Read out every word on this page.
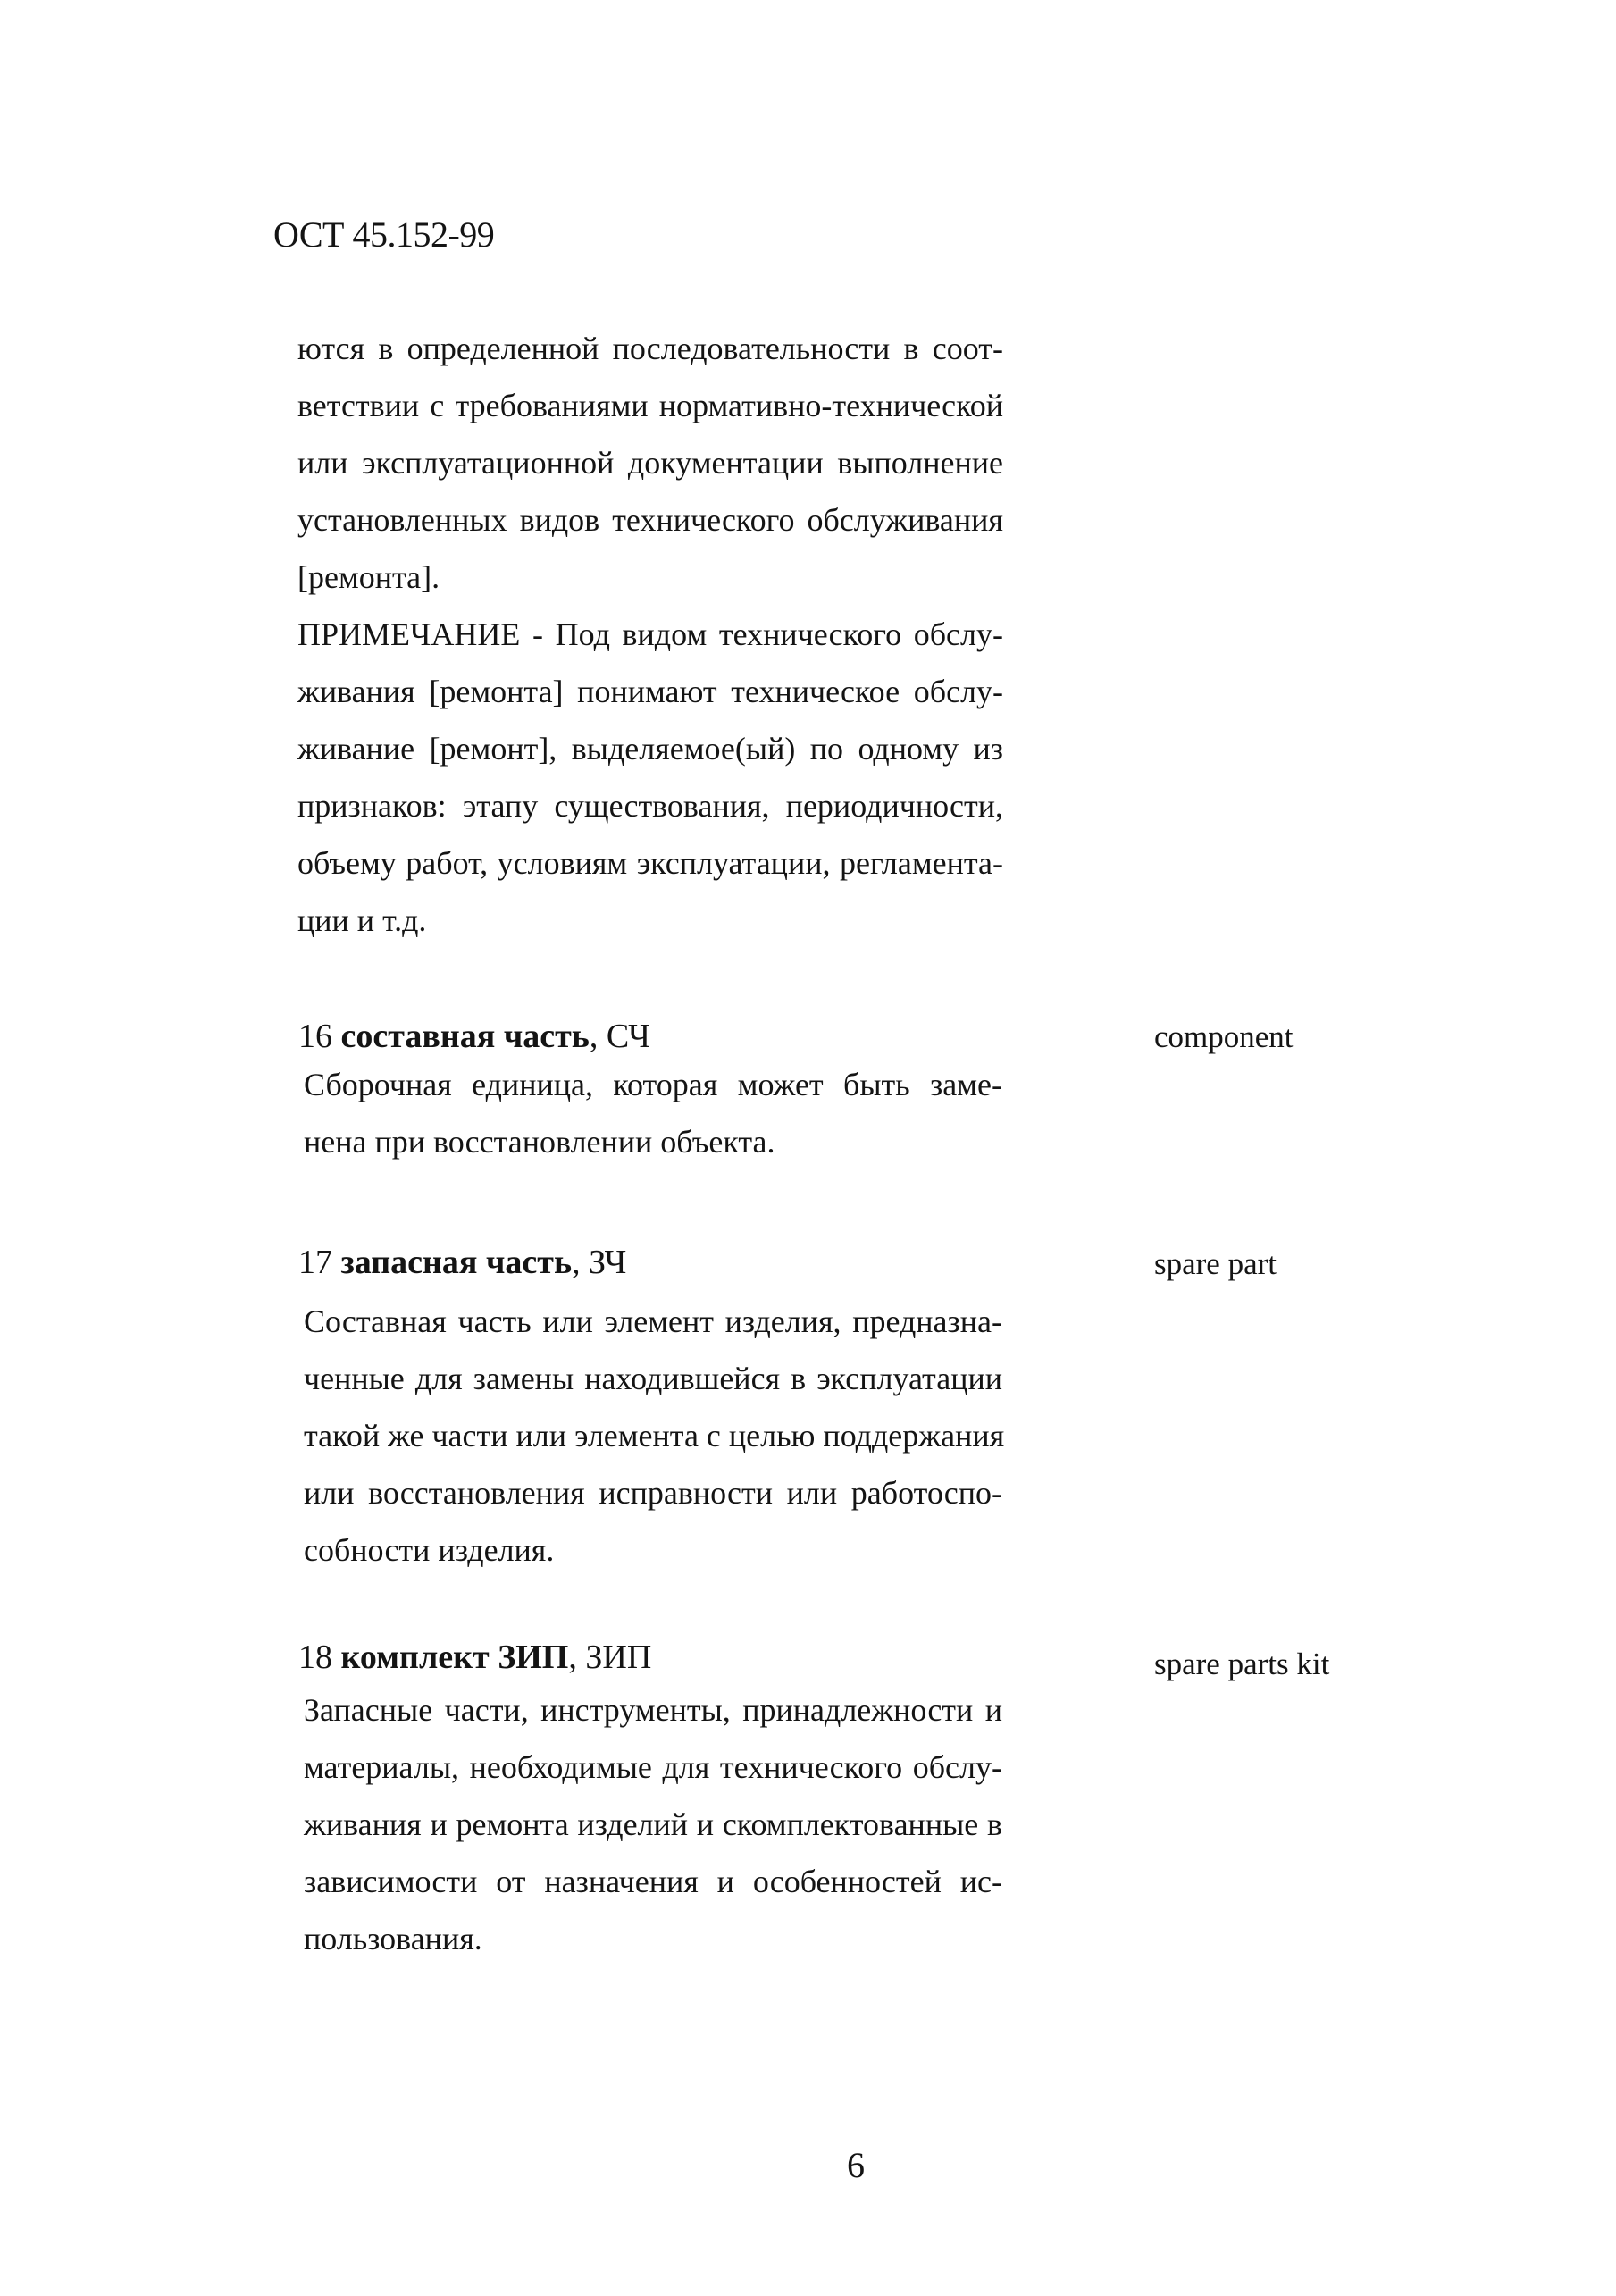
ОСТ 45.152-99
ются в определенной последовательности в соот-
ветствии с требованиями нормативно-технической
или эксплуатационной документации выполнение
установленных видов технического обслуживания
[ремонта].
ПРИМЕЧАНИЕ - Под видом технического обслу-
живания [ремонта] понимают техническое обслу-
живание [ремонт], выделяемое(ый) по одному из
признаков: этапу существования, периодичности,
объему работ, условиям эксплуатации, регламента-
ции и т.д.
16 составная часть, СЧ	component
Сборочная единица, которая может быть заме-
нена при восстановлении объекта.
17 запасная часть, ЗЧ	spare part
Составная часть или элемент изделия, предназна-
ченные для замены находившейся в эксплуатации
такой же части или элемента с целью поддержания
или восстановления исправности или работоспо-
собности изделия.
18 комплект ЗИП, ЗИП	spare parts kit
Запасные части, инструменты, принадлежности и
материалы, необходимые для технического обслу-
живания и ремонта изделий и скомплектованные в
зависимости от назначения и особенностей ис-
пользования.
6
